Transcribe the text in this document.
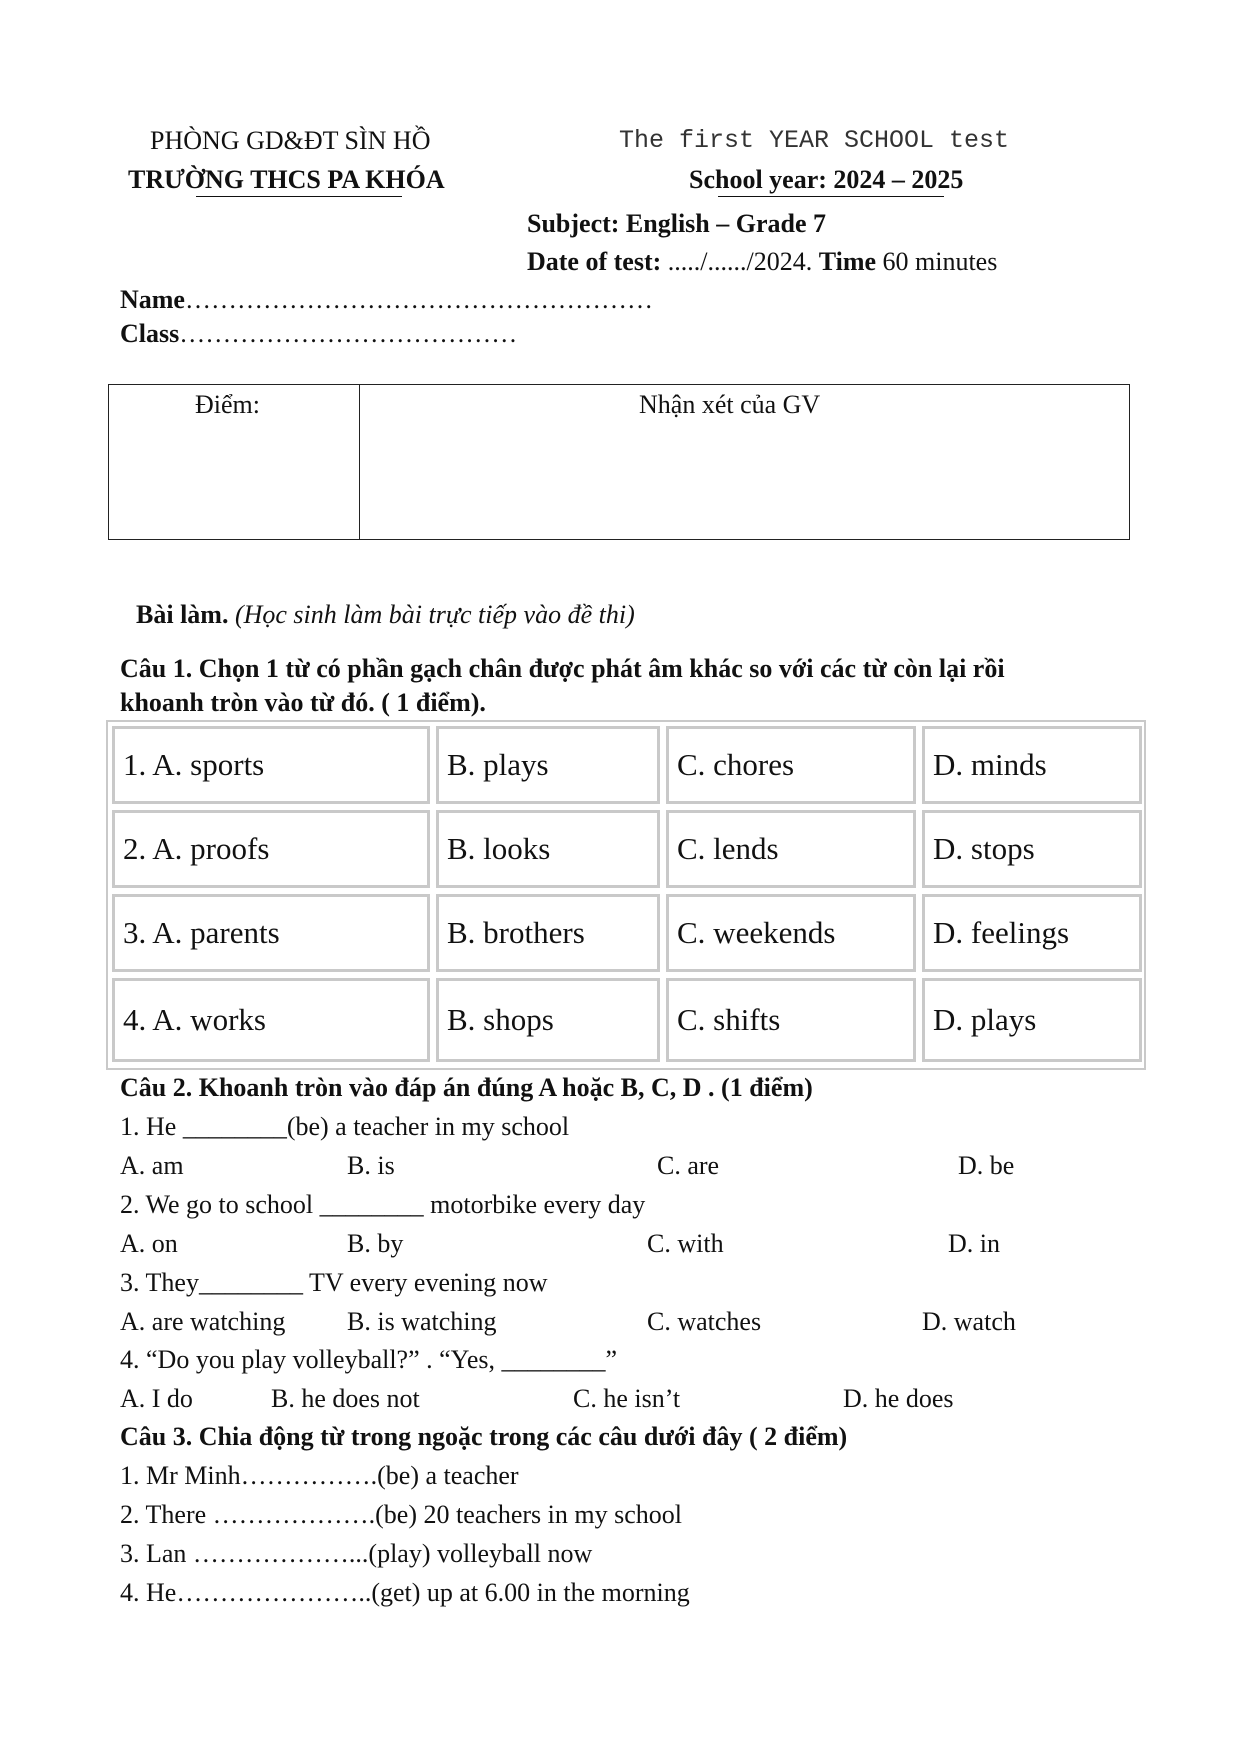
PHÒNG GD&ĐT SÌN HỒ
TRƯỜNG THCS PA KHÓA
The first YEAR SCHOOL test
School year: 2024 – 2025
Subject: English – Grade 7
Date of test: ...../....../2024. Time 60 minutes
Name………………………………………………
Class…………………………………
Điểm:	Nhận xét của GV
Bài làm. (Học sinh làm bài trực tiếp vào đề thi)
Câu 1. Chọn 1 từ có phần gạch chân được phát âm khác so với các từ còn lại rồi
khoanh tròn vào từ đó. ( 1 điểm).
1. A. sports	B. plays	C. chores	D. minds
2. A. proofs	B. looks	C. lends	D. stops
3. A. parents	B. brothers	C. weekends	D. feelings
4. A. works	B. shops	C. shifts	D. plays
Câu 2. Khoanh tròn vào đáp án đúng A hoặc B, C, D . (1 điểm)
1. He ________(be) a teacher in my school
A. am	B. is	C. are	D. be
2. We go to school ________ motorbike every day
A. on	B. by	C. with	D. in
3. They________ TV every evening now
A. are watching B. is watching	C. watches	D. watch
4. “Do you play volleyball?” . “Yes, ________”
A. I do	B. he does not	C. he isn’t	D. he does
Câu 3. Chia động từ trong ngoặc trong các câu dưới đây ( 2 điểm)
1. Mr Minh…………….(be) a teacher
2. There ……………….(be) 20 teachers in my school
3. Lan ………………...(play) volleyball now
4. He…………………..(get) up at 6.00 in the morning
